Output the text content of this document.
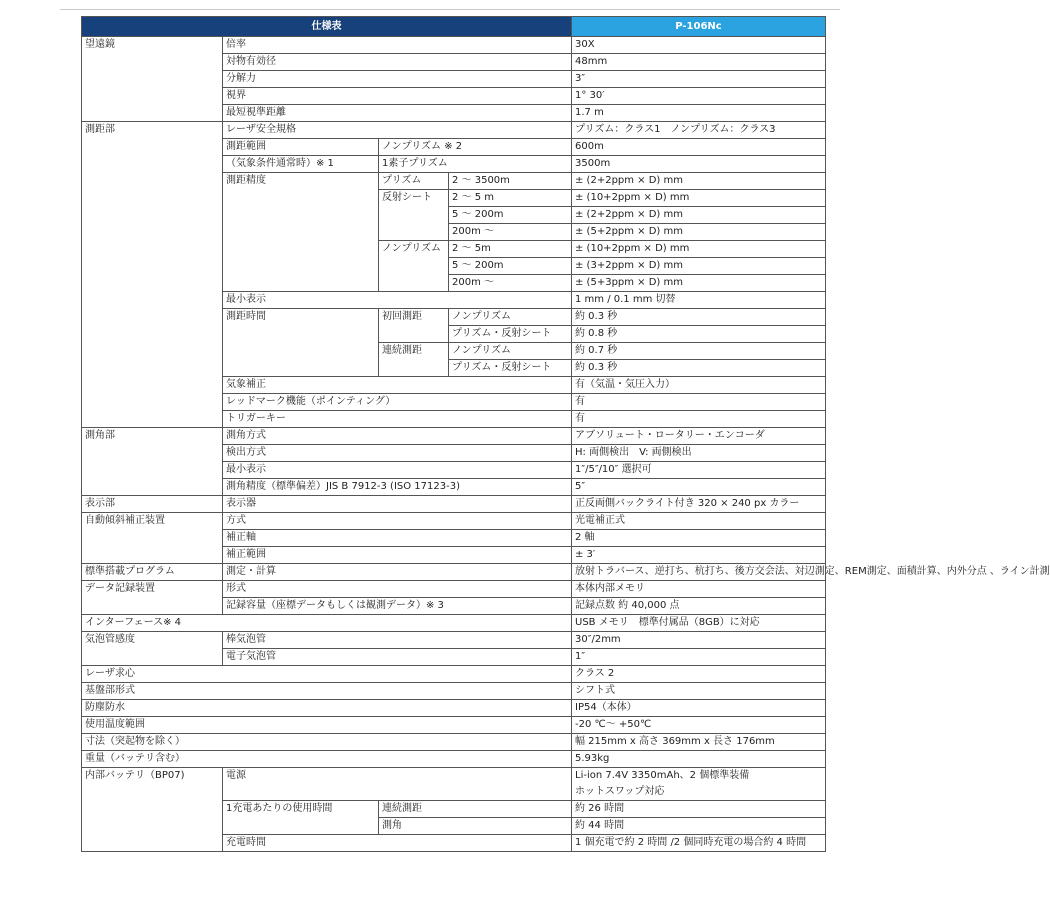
仕様表				P-106Nc
望遠鏡	倍率			30X
	対物有効径			48mm
	分解力			3″
	視界			1° 30′
	最短視準距離			1.7 m
測距部	レーザ安全規格			プリズム：クラス1　ノンプリズム：クラス3
	測距範囲	ノンプリズム ※ 2		600m
	（気象条件通常時）※ 1	1素子プリズム		3500m
	測距精度	プリズム	2 ～ 3500m	± (2+2ppm × D) mm
		反射シート	2 ～ 5 m	± (10+2ppm × D) mm
			5 ～ 200m	± (2+2ppm × D) mm
			200m ～	± (5+2ppm × D) mm
		ノンプリズム	2 ～ 5m	± (10+2ppm × D) mm
			5 ～ 200m	± (3+2ppm × D) mm
			200m ～	± (5+3ppm × D) mm
	最小表示			1 mm / 0.1 mm 切替
	測距時間	初回測距	ノンプリズム	約 0.3 秒
			プリズム・反射シート	約 0.8 秒
		連続測距	ノンプリズム	約 0.7 秒
			プリズム・反射シート	約 0.3 秒
	気象補正			有（気温・気圧入力）
	レッドマーク機能（ポインティング）			有
	トリガーキー			有
測角部	測角方式			アブソリュート・ロータリー・エンコーダ
	検出方式			H: 両側検出　V: 両側検出
	最小表示			1″/5″/10″ 選択可
	測角精度（標準偏差）JIS B 7912-3 (ISO 17123-3)			5″
表示部	表示器			正反両側バックライト付き 320 × 240 px カラー
自動傾斜補正装置	方式			光電補正式
	補正軸			2 軸
	補正範囲			± 3′
標準搭載プログラム	測定・計算			放射トラバース、逆打ち、杭打ち、後方交会法、対辺測定、REM測定、面積計算、内外分点 、ライン計測
データ記録装置	形式			本体内部メモリ
	記録容量（座標データもしくは観測データ）※ 3			記録点数 約 40,000 点
インターフェース※ 4				USB メモリ　標準付属品（8GB）に対応
気泡管感度	棒気泡管			30″/2mm
	電子気泡管			1″
レーザ求心				クラス 2
基盤部形式				シフト式
防塵防水				IP54（本体）
使用温度範囲				-20 ℃～ +50℃
寸法（突起物を除く）				幅 215mm x 高さ 369mm x 長さ 176mm
重量（バッテリ含む）				5.93kg
内部バッテリ（BP07)	電源			Li-ion 7.4V 3350mAh、2 個標準装備
ホットスワップ対応

	1充電あたりの使用時間	連続測距		約 26 時間
		測角		約 44 時間
	充電時間			1 個充電で約 2 時間 /2 個同時充電の場合約 4 時間
